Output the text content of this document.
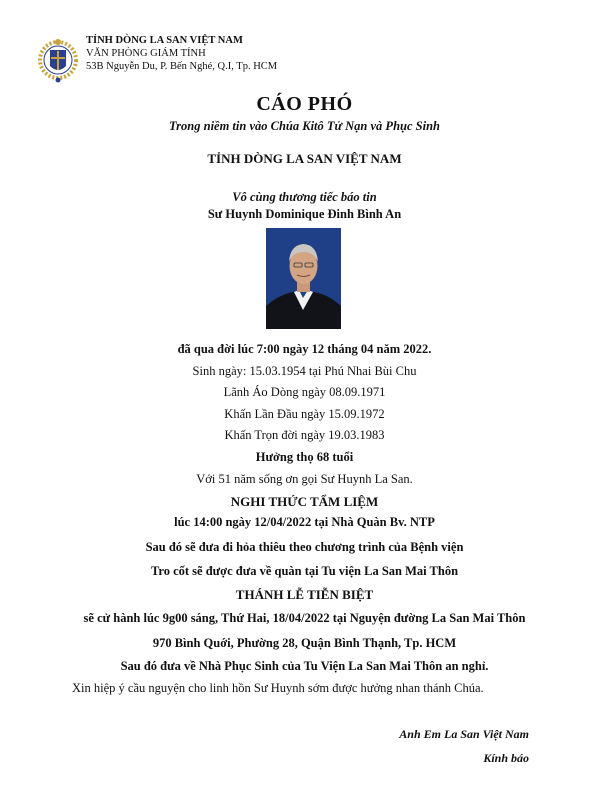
TỈNH DÒNG LA SAN VIỆT NAM
VĂN PHÒNG GIÁM TỈNH
53B Nguyễn Du, P. Bến Nghé, Q.I, Tp. HCM
CÁO PHÓ
Trong niềm tin vào Chúa Kitô Tử Nạn và Phục Sinh
TỈNH DÒNG LA SAN VIỆT NAM
Vô cùng thương tiếc báo tin
Sư Huynh Dominique Đinh Bình An
đã qua đời lúc 7:00 ngày 12 tháng 04 năm 2022.
Sinh ngày: 15.03.1954 tại Phú Nhai Bùi Chu
Lãnh Áo Dòng ngày 08.09.1971
Khấn Lần Đầu ngày 15.09.1972
Khấn Trọn đời ngày 19.03.1983
Hưởng thọ 68 tuổi
Với 51 năm sống ơn gọi Sư Huynh La San.
NGHI THỨC TẨM LIỆM
lúc 14:00 ngày 12/04/2022 tại Nhà Quàn Bv. NTP
Sau đó sẽ đưa đi hỏa thiêu theo chương trình của Bệnh viện
Tro cốt sẽ được đưa về quàn tại Tu viện La San Mai Thôn
THÁNH LỄ TIỄN BIỆT
sẽ cử hành lúc 9g00 sáng, Thứ Hai, 18/04/2022 tại Nguyện đường La San Mai Thôn
970 Bình Quới, Phường 28, Quận Bình Thạnh, Tp. HCM
Sau đó đưa về Nhà Phục Sinh của Tu Viện La San Mai Thôn an nghỉ.
Xin hiệp ý cầu nguyện cho linh hồn Sư Huynh sớm được hưởng nhan thánh Chúa.
Anh Em La San Việt Nam
Kính báo
